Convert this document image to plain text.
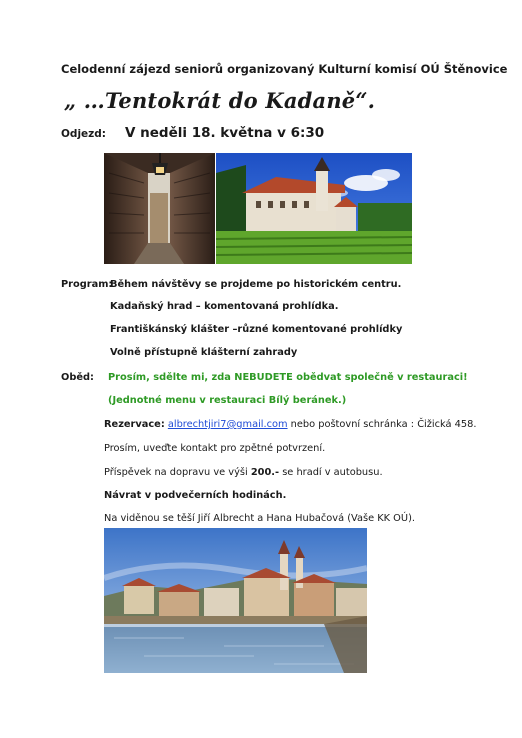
Celodenní zájezd seniorů organizovaný Kulturní komisí OÚ Štěnovice
„ …Tentokrát do Kadaně“.
Odjezd: V neděli 18. května v 6:30
Program:
Během návštěvy se projdeme po historickém centru.
Kadaňský hrad – komentovaná prohlídka.
Františkánský klášter –různé komentované prohlídky
Volně přístupně klášterní zahrady
Oběd: Prosím, sdělte mi, zda NEBUDETE obědvat společně v restauraci!
(Jednotné menu v restauraci Bílý beránek.)
Rezervace: albrechtjiri7@gmail.com nebo poštovní schránka : Čižická 458.
Prosím, uveďte kontakt pro zpětné potvrzení.
Příspěvek na dopravu ve výši 200.- se hradí v autobusu.
Návrat v podvečerních hodinách.
Na viděnou se těší Jiří Albrecht a Hana Hubačová (Vaše KK OÚ).
